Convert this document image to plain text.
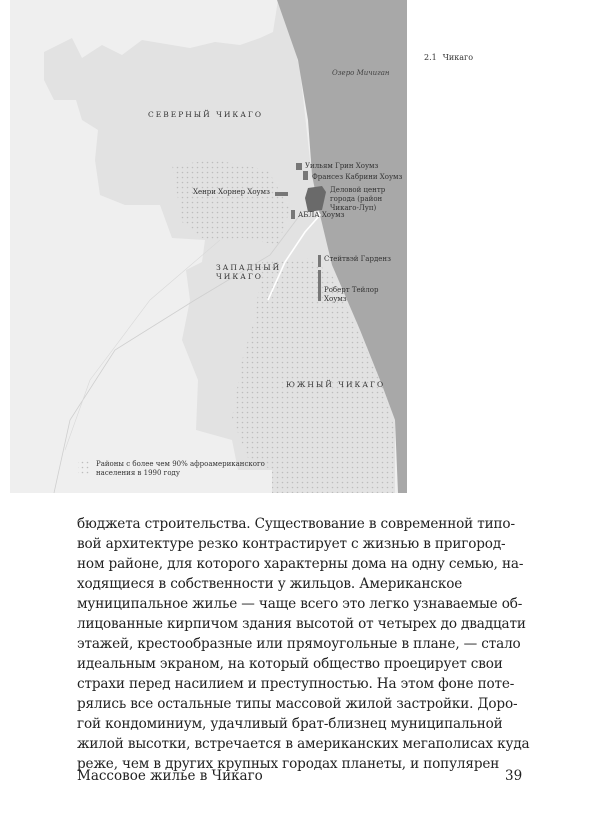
Озеро Мичиган
СЕВЕРНЫЙ ЧИКАГО
ЗАПАДНЫЙ
ЧИКАГО
ЮЖНЫЙ ЧИКАГО
Уильям Грин Хоумз
Франсез Кабрини Хоумз
Хенри Хорнер Хоумз	Деловой центр
города (район
Чикаго-Луп)
АБЛА Хоумз
Стейтвэй Гарденз
Роберт Тейлор
Хоумз
Районы с более чем 90% афроамериканского
населения в 1990 году
2.1 Чикаго
бюджета строительства. Существование в современной типо-
вой архитектуре резко контрастирует с жизнью в пригород-
ном районе, для которого характерны дома на одну семью, на-
ходящиеся в собственности у жильцов. Американское
муниципальное жилье — чаще всего это легко узнаваемые об-
лицованные кирпичом здания высотой от четырех до двадцати
этажей, крестообразные или прямоугольные в плане, — стало
идеальным экраном, на который общество проецирует свои
страхи перед насилием и преступностью. На этом фоне поте-
рялись все остальные типы массовой жилой застройки. Доро-
гой кондоминиум, удачливый брат-близнец муниципальной
жилой высотки, встречается в американских мегаполисах куда
реже, чем в других крупных городах планеты, и популярен
Массовое жилье в Чикаго	39
